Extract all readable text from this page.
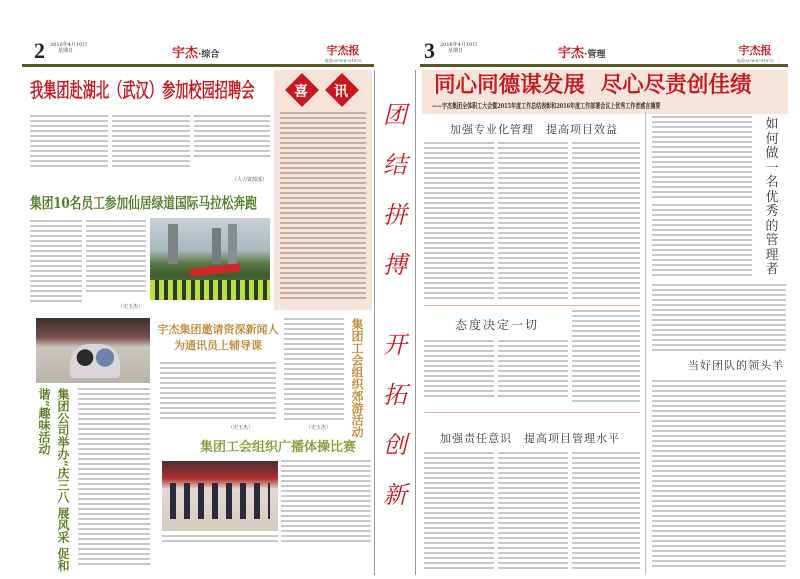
2 2016年4月10日
星期日	宇杰·综合	宇杰报
电话0376-8791875
我集团赴湖北（武汉）参加校园招聘会
（人力资源部）
喜 讯
集团10名员工参加仙居绿道国际马拉松奔跑
（史玉杰）
集团公司举办“庆三八 展风采 促和谐”趣味活动
宇杰集团邀请资深新闻人
为通讯员上辅导课
（史玉杰）	（史玉杰） 集团工会组织郊游活动
集团工会组织广播体操比赛
团
结
拼
搏
开
拓
创
新
3 2016年4月10日
星期日	宇杰·管理	宇杰报
电话0376-8791875
同心同德谋发展 尽心尽责创佳绩
——宇杰集团全体职工大会暨2015年度工作总结表彰和2016年度工作部署会议上优秀工作者感言摘要
加强专业化管理　提高项目效益
态度决定一切
加强责任意识　提高项目管理水平
如何做一名优秀的管理者
当好团队的领头羊
